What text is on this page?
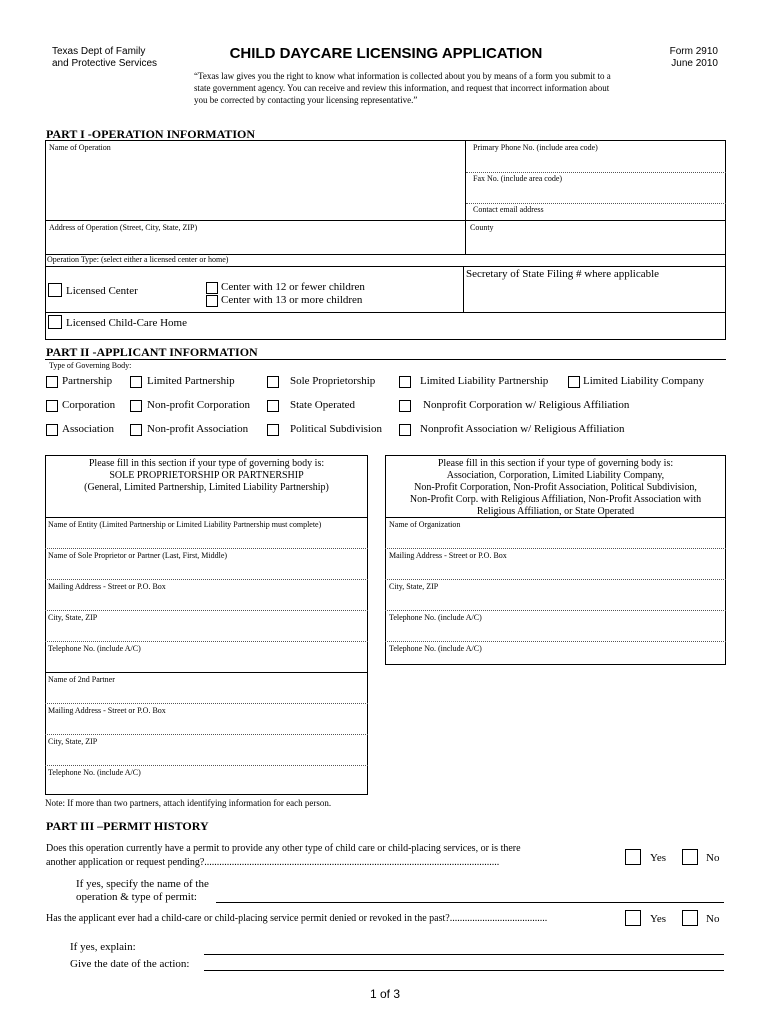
Texas Dept of Family
and Protective Services
CHILD DAYCARE LICENSING APPLICATION	Form 2910
June 2010
“Texas law gives you the right to know what information is collected about you by means of a form you submit to a state government agency. You can receive and review this information, and request that incorrect information about you be corrected by contacting your licensing representative.”
PART I -OPERATION INFORMATION
Name of Operation	Primary Phone No. (include area code)
Fax No. (include area code)
Contact email address
Address of Operation (Street, City, State, ZIP)	County
Operation Type: (select either a licensed center or home)
Licensed Center	Center with 12 or fewer children
Center with 13 or more children
Secretary of State Filing # where applicable
Licensed Child-Care Home
PART II -APPLICANT INFORMATION
Type of Governing Body:
Partnership	Limited Partnership	Sole Proprietorship	Limited Liability Partnership	Limited Liability Company
Corporation	Non-profit Corporation	State Operated	Nonprofit Corporation w/ Religious Affiliation
Association	Non-profit Association	Political Subdivision	Nonprofit Association w/ Religious Affiliation
Please fill in this section if your type of governing body is:
SOLE PROPRIETORSHIP OR PARTNERSHIP
(General, Limited Partnership, Limited Liability Partnership)
Name of Entity (Limited Partnership or Limited Liability Partnership must complete)
Name of Sole Proprietor or Partner (Last, First, Middle)
Mailing Address - Street or P.O. Box
City, State, ZIP
Telephone No. (include A/C)
Name of 2nd Partner
Mailing Address - Street or P.O. Box
City, State, ZIP
Telephone No. (include A/C)
Please fill in this section if your type of governing body is:
Association, Corporation, Limited Liability Company,
Non-Profit Corporation, Non-Profit Association, Political Subdivision,
Non-Profit Corp. with Religious Affiliation, Non-Profit Association with
Religious Affiliation, or State Operated
Name of Organization
Mailing Address - Street or P.O. Box
City, State, ZIP
Telephone No. (include A/C)
Telephone No. (include A/C)
Note: If more than two partners, attach identifying information for each person.
PART III –PERMIT HISTORY
Does this operation currently have a permit to provide any other type of child care or child-placing services, or is there
another application or request pending?......................................................................................................................	Yes	No
If yes, specify the name of the
operation & type of permit:
Has the applicant ever had a child-care or child-placing service permit denied or revoked in the past?.......................................	Yes	No
If yes, explain:
Give the date of the action:
1 of 3
